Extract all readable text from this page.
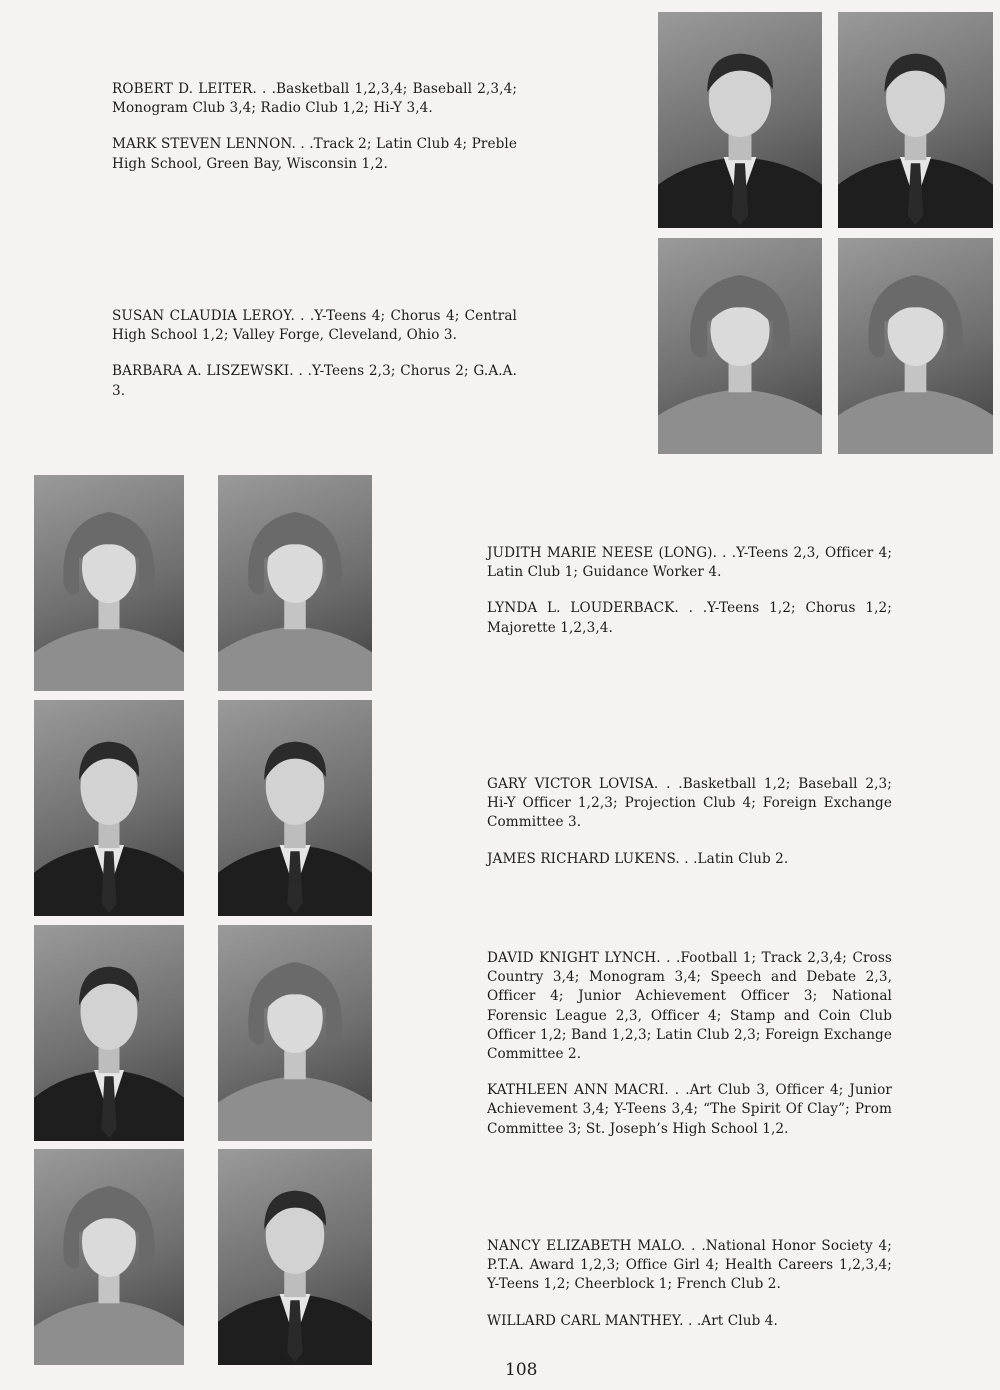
ROBERT D. LEITER. . .Basketball 1,2,3,4; Baseball 2,3,4; Monogram Club 3,4; Radio Club 1,2; Hi-Y 3,4.

MARK STEVEN LENNON. . .Track 2; Latin Club 4; Preble High School, Green Bay, Wisconsin 1,2.

SUSAN CLAUDIA LEROY. . .Y-Teens 4; Chorus 4; Central High School 1,2; Valley Forge, Cleveland, Ohio 3.

BARBARA A. LISZEWSKI. . .Y-Teens 2,3; Chorus 2; G.A.A. 3.

JUDITH MARIE NEESE (LONG). . .Y-Teens 2,3, Officer 4; Latin Club 1; Guidance Worker 4.

LYNDA L. LOUDERBACK. . .Y-Teens 1,2; Chorus 1,2; Majorette 1,2,3,4.

GARY VICTOR LOVISA. . .Basketball 1,2; Baseball 2,3; Hi-Y Officer 1,2,3; Projection Club 4; Foreign Exchange Committee 3.

JAMES RICHARD LUKENS. . .Latin Club 2.

DAVID KNIGHT LYNCH. . .Football 1; Track 2,3,4; Cross Country 3,4; Monogram 3,4; Speech and Debate 2,3, Officer 4; Junior Achievement Officer 3; National Forensic League 2,3, Officer 4; Stamp and Coin Club Officer 1,2; Band 1,2,3; Latin Club 2,3; Foreign Exchange Committee 2.

KATHLEEN ANN MACRI. . .Art Club 3, Officer 4; Junior Achievement 3,4; Y-Teens 3,4; “The Spirit Of Clay”; Prom Committee 3; St. Joseph’s High School 1,2.

NANCY ELIZABETH MALO. . .National Honor Society 4; P.T.A. Award 1,2,3; Office Girl 4; Health Careers 1,2,3,4; Y-Teens 1,2; Cheerblock 1; French Club 2.

WILLARD CARL MANTHEY. . .Art Club 4.

108
